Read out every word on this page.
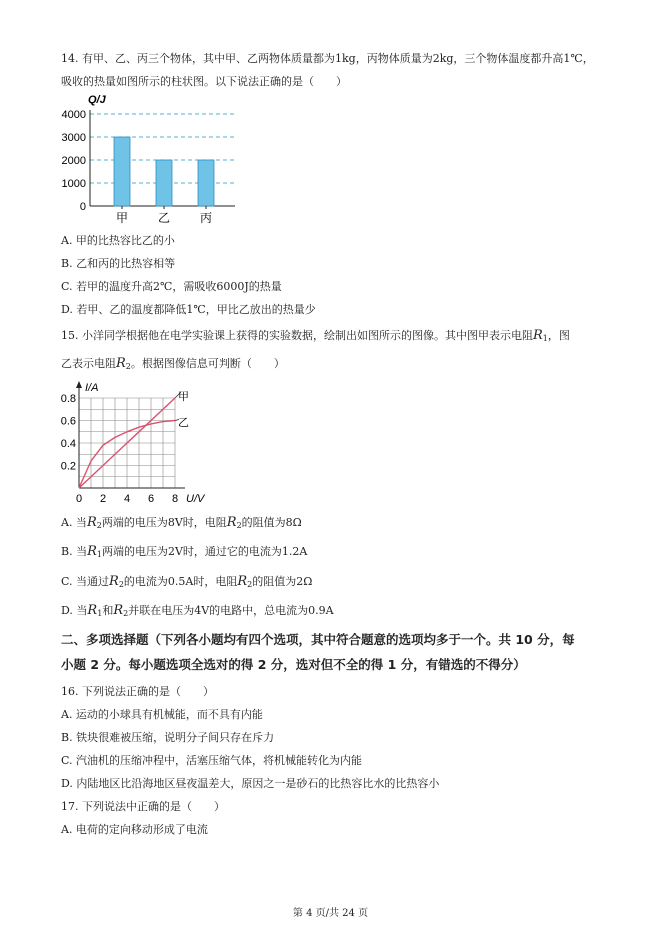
14. 有甲、乙、丙三个物体，其中甲、乙两物体质量都为1kg，丙物体质量为2kg，三个物体温度都升高1℃，
吸收的热量如图所示的柱状图。以下说法正确的是（　　）
0
1000
2000
3000
4000
甲 乙 丙
Q/J
A. 甲的比热容比乙的小
B. 乙和丙的比热容相等
C. 若甲的温度升高2℃，需吸收6000J的热量
D. 若甲、乙的温度都降低1℃，甲比乙放出的热量少
15. 小洋同学根据他在电学实验课上获得的实验数据，绘制出如图所示的图像。其中图甲表示电阻R1，图
乙表示电阻R2。根据图像信息可判断（　　）
0.2
0.4
0.6
0.8
0 2 4 6 8
I/A
U/V
甲
乙
A. 当R2两端的电压为8V时，电阻R2的阻值为8Ω
B. 当R1两端的电压为2V时，通过它的电流为1.2A
C. 当通过R2的电流为0.5A时，电阻R2的阻值为2Ω
D. 当R1和R2并联在电压为4V的电路中，总电流为0.9A
二、多项选择题（下列各小题均有四个选项，其中符合题意的选项均多于一个。共 10 分，每
小题 2 分。每小题选项全选对的得 2 分，选对但不全的得 1 分，有错选的不得分）
16. 下列说法正确的是（　　）
A. 运动的小球具有机械能，而不具有内能
B. 铁块很难被压缩，说明分子间只存在斥力
C. 汽油机的压缩冲程中，活塞压缩气体，将机械能转化为内能
D. 内陆地区比沿海地区昼夜温差大，原因之一是砂石的比热容比水的比热容小
17. 下列说法中正确的是（　　）
A. 电荷的定向移动形成了电流
第 4 页/共 24 页
